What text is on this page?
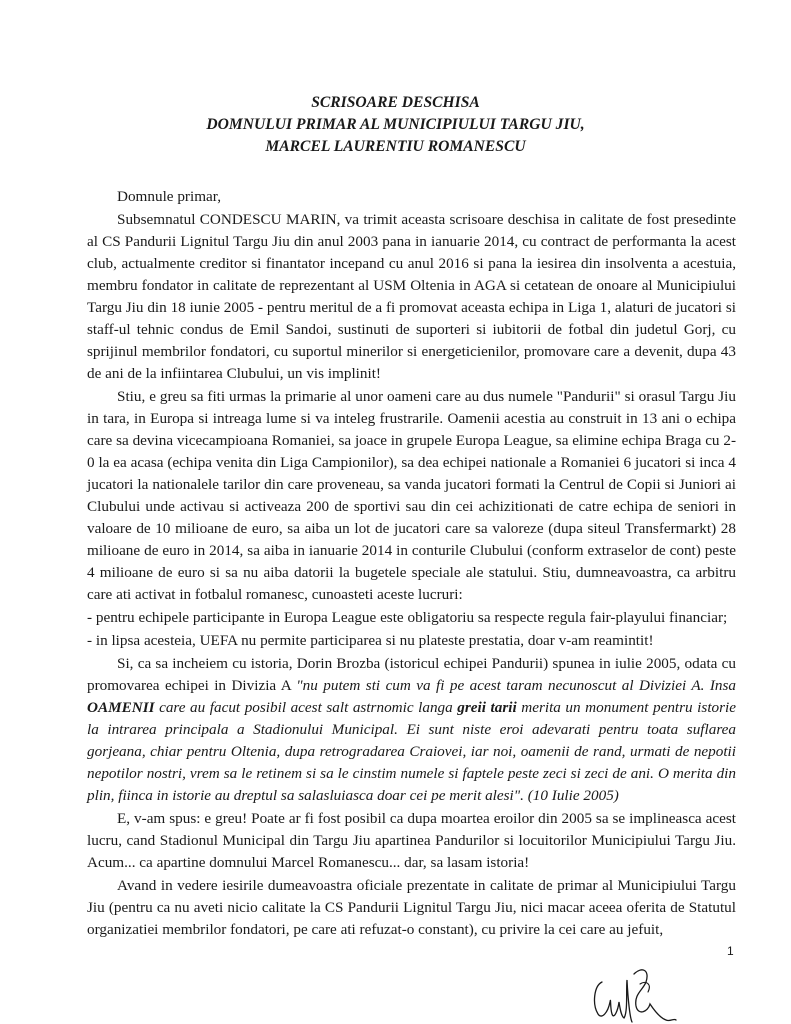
SCRISOARE DESCHISA
DOMNULUI PRIMAR AL MUNICIPIULUI TARGU JIU,
MARCEL LAURENTIU ROMANESCU

Domnule primar,

Subsemnatul CONDESCU MARIN, va trimit aceasta scrisoare deschisa in calitate de fost presedinte al CS Pandurii Lignitul Targu Jiu din anul 2003 pana in ianuarie 2014, cu contract de performanta la acest club, actualmente creditor si finantator incepand cu anul 2016 si pana la iesirea din insolventa a acestuia, membru fondator in calitate de reprezentant al USM Oltenia in AGA si cetatean de onoare al Municipiului Targu Jiu din 18 iunie 2005 - pentru meritul de a fi promovat aceasta echipa in Liga 1, alaturi de jucatori si staff-ul tehnic condus de Emil Sandoi, sustinuti de suporteri si iubitorii de fotbal din judetul Gorj, cu sprijinul membrilor fondatori, cu suportul minerilor si energeticienilor, promovare care a devenit, dupa 43 de ani de la infiintarea Clubului, un vis implinit!

Stiu, e greu sa fiti urmas la primarie al unor oameni care au dus numele "Pandurii" si orasul Targu Jiu in tara, in Europa si intreaga lume si va inteleg frustrarile. Oamenii acestia au construit in 13 ani o echipa care sa devina vicecampioana Romaniei, sa joace in grupele Europa League, sa elimine echipa Braga cu 2-0 la ea acasa (echipa venita din Liga Campionilor), sa dea echipei nationale a Romaniei 6 jucatori si inca 4 jucatori la nationalele tarilor din care proveneau, sa vanda jucatori formati la Centrul de Copii si Juniori ai Clubului unde activau si activeaza 200 de sportivi sau din cei achizitionati de catre echipa de seniori in valoare de 10 milioane de euro, sa aiba un lot de jucatori care sa valoreze (dupa siteul Transfermarkt) 28 milioane de euro in 2014, sa aiba in ianuarie 2014 in conturile Clubului (conform extraselor de cont) peste 4 milioane de euro si sa nu aiba datorii la bugetele speciale ale statului. Stiu, dumneavoastra, ca arbitru care ati activat in fotbalul romanesc, cunoasteti aceste lucruri:

- pentru echipele participante in Europa League este obligatoriu sa respecte regula fair-playului financiar;

- in lipsa acesteia, UEFA nu permite participarea si nu plateste prestatia, doar v-am reamintit!

Si, ca sa incheiem cu istoria, Dorin Brozba (istoricul echipei Pandurii) spunea in iulie 2005, odata cu promovarea echipei in Divizia A "nu putem sti cum va fi pe acest taram necunoscut al Diviziei A. Insa OAMENII care au facut posibil acest salt astrnomic langa greii tarii merita un monument pentru istorie la intrarea principala a Stadionului Municipal. Ei sunt niste eroi adevarati pentru toata suflarea gorjeana, chiar pentru Oltenia, dupa retrogradarea Craiovei, iar noi, oamenii de rand, urmati de nepotii nepotilor nostri, vrem sa le retinem si sa le cinstim numele si faptele peste zeci si zeci de ani. O merita din plin, fiinca in istorie au dreptul sa salasluiasca doar cei pe merit alesi". (10 Iulie 2005)

E, v-am spus: e greu! Poate ar fi fost posibil ca dupa moartea eroilor din 2005 sa se implineasca acest lucru, cand Stadionul Municipal din Targu Jiu apartinea Pandurilor si locuitorilor Municipiului Targu Jiu. Acum... ca apartine domnului Marcel Romanescu... dar, sa lasam istoria!

Avand in vedere iesirile dumeavoastra oficiale prezentate in calitate de primar al Municipiului Targu Jiu (pentru ca nu aveti nicio calitate la CS Pandurii Lignitul Targu Jiu, nici macar aceea oferita de Statutul organizatiei membrilor fondatori, pe care ati refuzat-o constant), cu privire la cei care au jefuit,

1
